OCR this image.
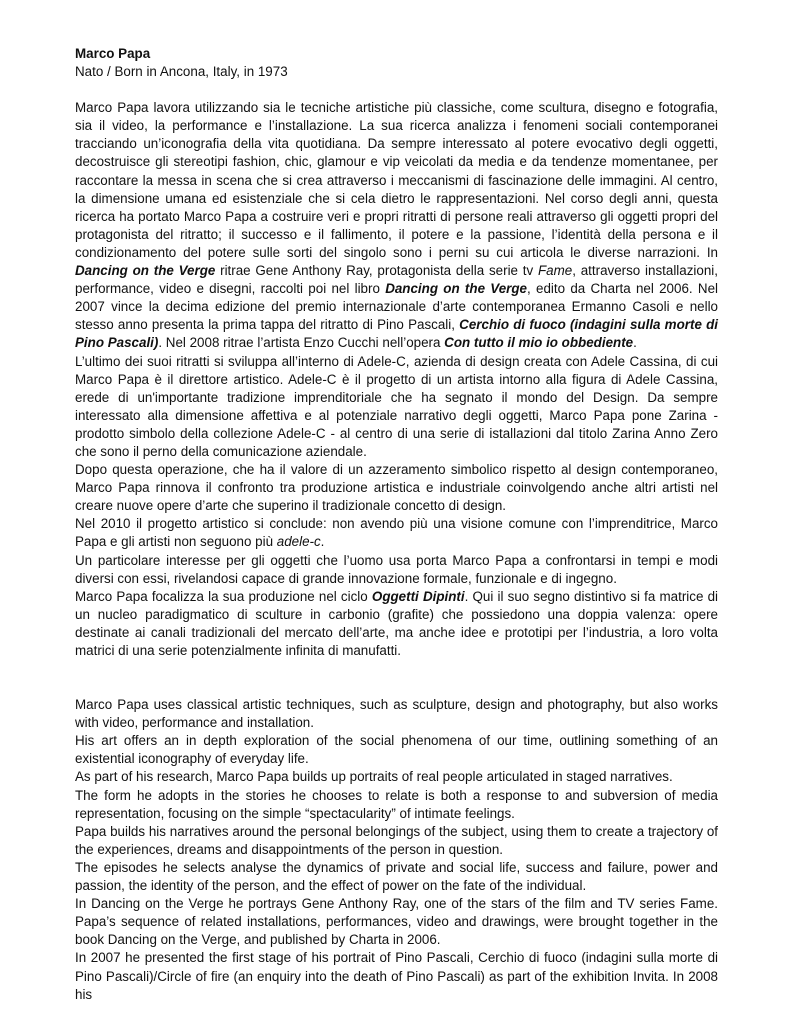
Marco Papa
Nato / Born in Ancona, Italy, in 1973

Marco Papa lavora utilizzando sia le tecniche artistiche più classiche, come scultura, disegno e fotografia, sia il video, la performance e l’installazione. La sua ricerca analizza i fenomeni sociali contemporanei tracciando un’iconografia della vita quotidiana. Da sempre interessato al potere evocativo degli oggetti, decostruisce gli stereotipi fashion, chic, glamour e vip veicolati da media e da tendenze momentanee, per raccontare la messa in scena che si crea attraverso i meccanismi di fascinazione delle immagini. Al centro, la dimensione umana ed esistenziale che si cela dietro le rappresentazioni. Nel corso degli anni, questa ricerca ha portato Marco Papa a costruire veri e propri ritratti di persone reali attraverso gli oggetti propri del protagonista del ritratto; il successo e il fallimento, il potere e la passione, l’identità della persona e il condizionamento del potere sulle sorti del singolo sono i perni su cui articola le diverse narrazioni. In Dancing on the Verge ritrae Gene Anthony Ray, protagonista della serie tv Fame, attraverso installazioni, performance, video e disegni, raccolti poi nel libro Dancing on the Verge, edito da Charta nel 2006. Nel 2007 vince la decima edizione del premio internazionale d’arte contemporanea Ermanno Casoli e nello stesso anno presenta la prima tappa del ritratto di Pino Pascali, Cerchio di fuoco (indagini sulla morte di Pino Pascali). Nel 2008 ritrae l’artista Enzo Cucchi nell’opera Con tutto il mio io obbediente.

L’ultimo dei suoi ritratti si sviluppa all’interno di Adele-C, azienda di design creata con Adele Cassina, di cui Marco Papa è il direttore artistico. Adele-C è il progetto di un artista intorno alla figura di Adele Cassina, erede di un'importante tradizione imprenditoriale che ha segnato il mondo del Design. Da sempre interessato alla dimensione affettiva e al potenziale narrativo degli oggetti, Marco Papa pone Zarina - prodotto simbolo della collezione Adele-C - al centro di una serie di istallazioni dal titolo Zarina Anno Zero che sono il perno della comunicazione aziendale.

Dopo questa operazione, che ha il valore di un azzeramento simbolico rispetto al design contemporaneo, Marco Papa rinnova il confronto tra produzione artistica e industriale coinvolgendo anche altri artisti nel creare nuove opere d’arte che superino il tradizionale concetto di design.

Nel 2010 il progetto artistico si conclude: non avendo più una visione comune con l’imprenditrice, Marco Papa e gli artisti non seguono più adele-c.

Un particolare interesse per gli oggetti che l’uomo usa porta Marco Papa a confrontarsi in tempi e modi diversi con essi, rivelandosi capace di grande innovazione formale, funzionale e di ingegno.

Marco Papa focalizza la sua produzione nel ciclo Oggetti Dipinti. Qui il suo segno distintivo si fa matrice di un nucleo paradigmatico di sculture in carbonio (grafite) che possiedono una doppia valenza: opere destinate ai canali tradizionali del mercato dell’arte, ma anche idee e prototipi per l’industria, a loro volta matrici di una serie potenzialmente infinita di manufatti.

Marco Papa uses classical artistic techniques, such as sculpture, design and photography, but also works with video, performance and installation.

His art offers an in depth exploration of the social phenomena of our time, outlining something of an existential iconography of everyday life.

As part of his research, Marco Papa builds up portraits of real people articulated in staged narratives.

The form he adopts in the stories he chooses to relate is both a response to and subversion of media representation, focusing on the simple “spectacularity” of intimate feelings.

Papa builds his narratives around the personal belongings of the subject, using them to create a trajectory of the experiences, dreams and disappointments of the person in question.

The episodes he selects analyse the dynamics of private and social life, success and failure, power and passion, the identity of the person, and the effect of power on the fate of the individual.

In Dancing on the Verge he portrays Gene Anthony Ray, one of the stars of the film and TV series Fame. Papa’s sequence of related installations, performances, video and drawings, were brought together in the book Dancing on the Verge, and published by Charta in 2006.

In 2007 he presented the first stage of his portrait of Pino Pascali, Cerchio di fuoco (indagini sulla morte di Pino Pascali)/Circle of fire (an enquiry into the death of Pino Pascali) as part of the exhibition Invita. In 2008 his
